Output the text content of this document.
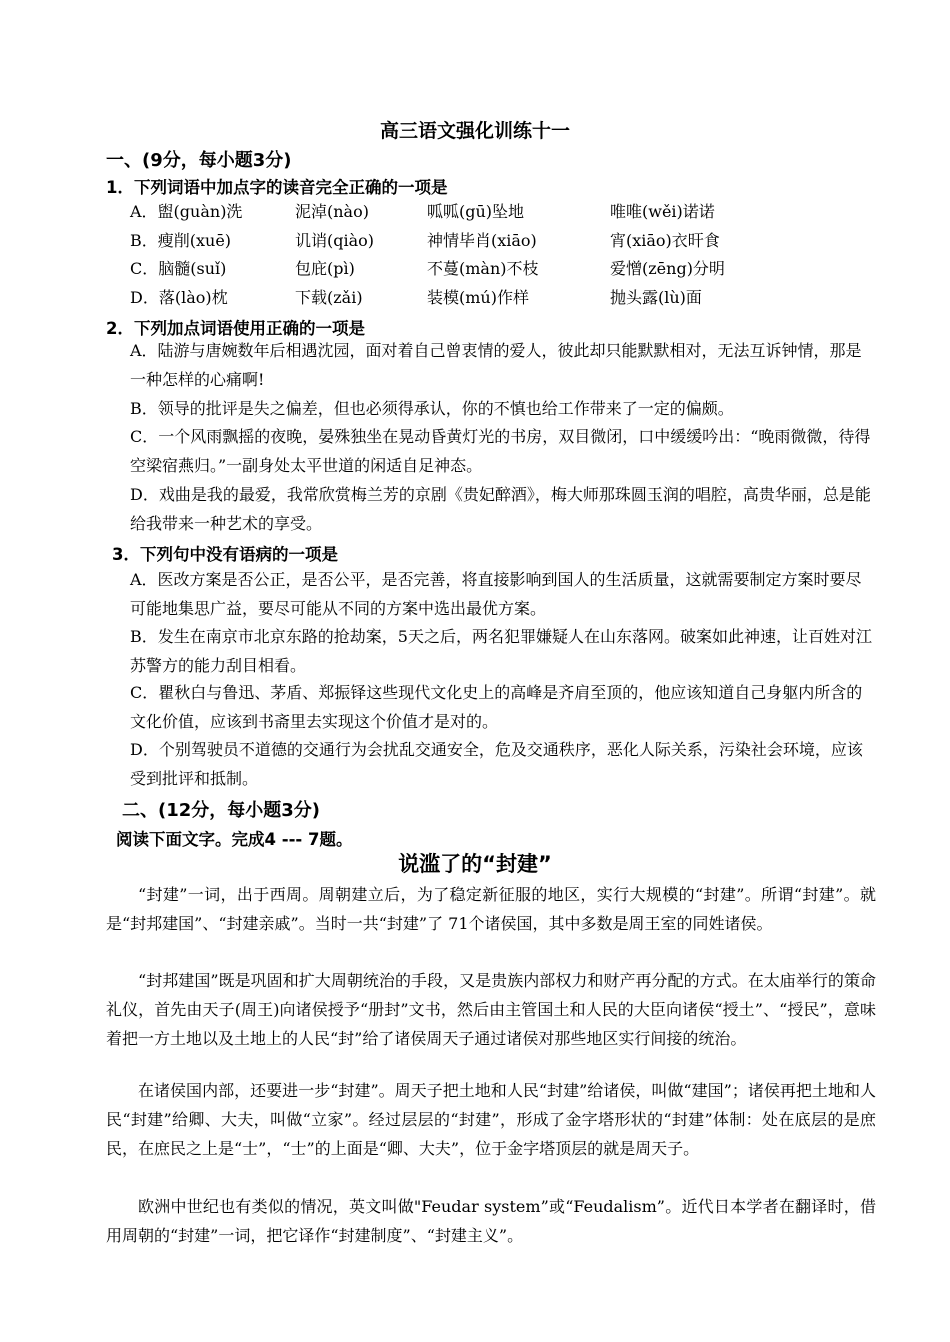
高三语文强化训练十一
一、(9分，每小题3分)
1．下列词语中加点字的读音完全正确的一项是
A．盥(guàn)洗	泥淖(nào)	呱呱(gū)坠地	唯唯(wěi)诺诺
B．瘦削(xuē)	讥诮(qiào)	神情毕肖(xiāo)	宵(xiāo)衣旰食
C．脑髓(suǐ)	包庇(pì)	不蔓(màn)不枝	爱憎(zēng)分明
D．落(lào)枕	下载(zǎi)	装模(mú)作样	抛头露(lù)面
2．下列加点词语使用正确的一项是
A．陆游与唐婉数年后相遇沈园，面对着自己曾衷情的爱人，彼此却只能默默相对，无法互诉钟情，那是一种怎样的心痛啊!
B．领导的批评是失之偏差，但也必须得承认，你的不慎也给工作带来了一定的偏颇。
C．一个风雨飘摇的夜晚，晏殊独坐在晃动昏黄灯光的书房，双目微闭，口中缓缓吟出：“晚雨微微，待得空梁宿燕归。”一副身处太平世道的闲适自足神态。
D．戏曲是我的最爱，我常欣赏梅兰芳的京剧《贵妃醉酒》，梅大师那珠圆玉润的唱腔，高贵华丽，总是能给我带来一种艺术的享受。
3．下列句中没有语病的一项是
A．医改方案是否公正，是否公平，是否完善，将直接影响到国人的生活质量，这就需要制定方案时要尽可能地集思广益，要尽可能从不同的方案中选出最优方案。
B．发生在南京市北京东路的抢劫案，5天之后，两名犯罪嫌疑人在山东落网。破案如此神速，让百姓对江苏警方的能力刮目相看。
C．瞿秋白与鲁迅、茅盾、郑振铎这些现代文化史上的高峰是齐肩至顶的，他应该知道自己身躯内所含的文化价值，应该到书斋里去实现这个价值才是对的。
D．个别驾驶员不道德的交通行为会扰乱交通安全，危及交通秩序，恶化人际关系，污染社会环境，应该受到批评和抵制。
二、(12分，每小题3分)
阅读下面文字。完成4 --- 7题。
说滥了的“封建”
“封建”一词，出于西周。周朝建立后，为了稳定新征服的地区，实行大规模的“封建”。所谓“封建”。就是“封邦建国”、“封建亲戚”。当时一共“封建”了 71个诸侯国，其中多数是周王室的同姓诸侯。
“封邦建国”既是巩固和扩大周朝统治的手段，又是贵族内部权力和财产再分配的方式。在太庙举行的策命礼仪，首先由天子(周王)向诸侯授予“册封”文书，然后由主管国土和人民的大臣向诸侯“授土”、“授民”，意味着把一方土地以及土地上的人民“封”给了诸侯周天子通过诸侯对那些地区实行间接的统治。
在诸侯国内部，还要进一步“封建”。周天子把土地和人民“封建”给诸侯，叫做“建国”；诸侯再把土地和人民“封建”给卿、大夫，叫做“立家”。经过层层的“封建”，形成了金字塔形状的“封建”体制：处在底层的是庶民，在庶民之上是“士”，“士”的上面是“卿、大夫”，位于金字塔顶层的就是周天子。
欧洲中世纪也有类似的情况，英文叫做"Feudar system”或“Feudalism”。近代日本学者在翻译时，借用周朝的“封建”一词，把它译作“封建制度”、“封建主义”。
